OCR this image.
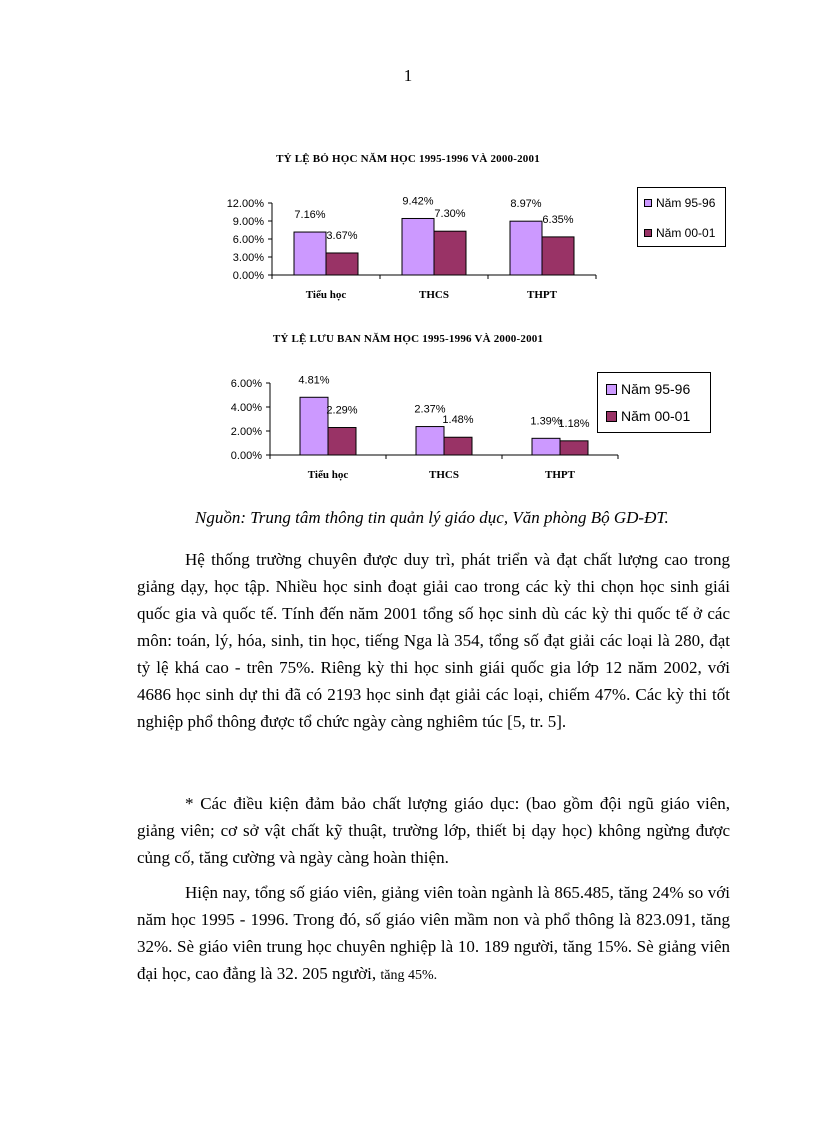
1
TỶ LỆ BỎ HỌC NĂM HỌC 1995-1996 VÀ 2000-2001
0.00%
3.00%
6.00%
9.00%
12.00%
Tiểu học
7.16%
3.67%
THCS
9.42%
7.30%
THPT
8.97%
6.35%
Năm 95-96
Năm 00-01
TỶ LỆ LƯU BAN NĂM HỌC 1995-1996 VÀ 2000-2001
0.00%
2.00%
4.00%
6.00%
Tiểu học
4.81%
2.29%
THCS
2.37%
1.48%
THPT
1.39%
1.18%
Năm 95-96
Năm 00-01
Nguồn: Trung tâm thông tin quản lý giáo dục, Văn phòng Bộ GD-ĐT.

Hệ thống trường chuyên được duy trì, phát triển và đạt chất lượng cao trong giảng dạy, học tập. Nhiều học sinh đoạt giải cao trong các kỳ thi chọn học sinh giái quốc gia và quốc tế. Tính đến năm 2001 tổng số học sinh dù các kỳ thi quốc tế ở các môn: toán, lý, hóa, sinh, tin học, tiếng Nga là 354, tổng số đạt giải các loại là 280, đạt tỷ lệ khá cao - trên 75%. Riêng kỳ thi học sinh giái quốc gia lớp 12 năm 2002, với 4686 học sinh dự thi đã có 2193 học sinh đạt giải các loại, chiếm 47%. Các kỳ thi tốt nghiệp phổ thông được tổ chức ngày càng nghiêm túc [5, tr. 5].

* Các điều kiện đảm bảo chất lượng giáo dục: (bao gồm đội ngũ giáo viên, giảng viên; cơ sở vật chất kỹ thuật, trường lớp, thiết bị dạy học) không ngừng được củng cố, tăng cường và ngày càng hoàn thiện.

Hiện nay, tổng số giáo viên, giảng viên toàn ngành là 865.485, tăng 24% so với năm học 1995 - 1996. Trong đó, số giáo viên mầm non và phổ thông là 823.091, tăng 32%. Sè giáo viên trung học chuyên nghiệp là 10. 189 người, tăng 15%. Sè giảng viên đại học, cao đẳng là 32. 205 người, tăng 45%.
